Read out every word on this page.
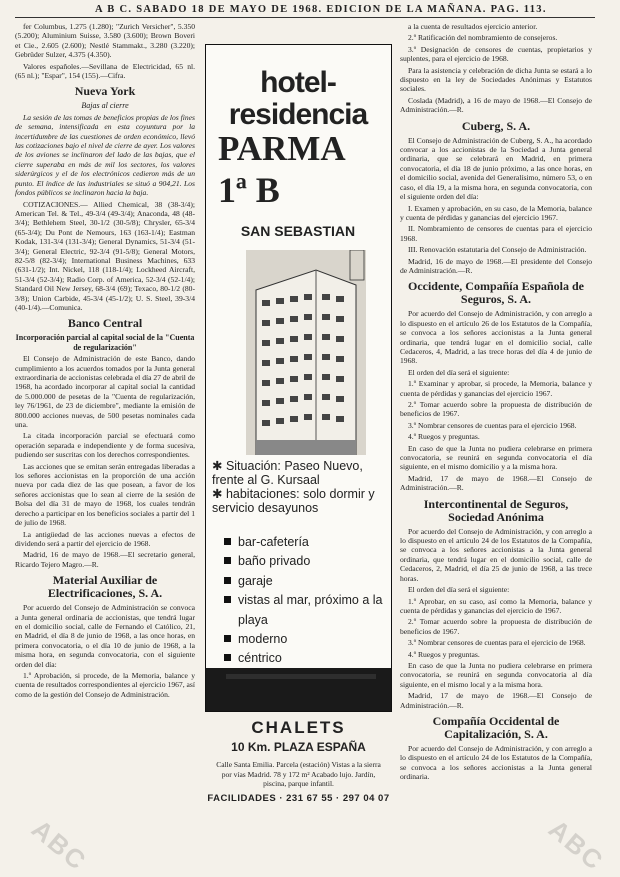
A B C. SABADO 18 DE MAYO DE 1968. EDICION DE LA MAÑANA. PAG. 113.

fer Columbus, 1.275 (1.280); "Zurich Versicher", 5.350 (5.200); Aluminium Suisse, 3.580 (3.600); Brown Boveri et Cie., 2.605 (2.600); Nestlé Stammakt., 3.280 (3.220); Gebrüder Sulzer, 4.375 (4.350).

Valores españoles.—Sevillana de Electricidad, 65 nl. (65 nl.); "Espar", 154 (155).—Cifra.

Nueva York
Bajas al cierre

La sesión de las tomas de beneficios propias de los fines de semana, intensificada en esta coyuntura por la incertidumbre de las cuestiones de orden económico, llevó las cotizaciones bajo el nivel de cierre de ayer. Los valores de los aviones se inclinaron del lado de las bajas, que el cierre superaba en más de mil los sectores, los valores siderúrgicos y el de los electrónicos cedieron más de un punto. El índice de las industriales se situó a 904,21. Los fondos públicos se inclinaron hacia la baja.

COTIZACIONES.— Allied Chemical, 38 (38-3/4); American Tel. & Tel., 49-3/4 (49-3/4); Anaconda, 48 (48-3/4); Bethlehem Steel, 30-1/2 (30-5/8); Chrysler, 65-3/4 (65-3/4); Du Pont de Nemours, 163 (163-1/4); Eastman Kodak, 131-3/4 (131-3/4); General Dynamics, 51-3/4 (51-3/4); General Electric, 92-3/4 (91-5/8); General Motors, 82-5/8 (82-3/4); International Business Machines, 633 (631-1/2); Int. Nickel, 118 (118-1/4); Lockheed Aircraft, 51-3/4 (52-3/4); Radio Corp. of America, 52-3/4 (52-1/4); Standard Oil New Jersey, 68-3/4 (69); Texaco, 80-1/2 (80-3/8); Union Carbide, 45-3/4 (45-1/2); U. S. Steel, 39-3/4 (40-1/4).—Comunica.

Banco Central
Incorporación parcial al capital social de la "Cuenta de regularización"

El Consejo de Administración de este Banco, dando cumplimiento a los acuerdos tomados por la Junta general extraordinaria de accionistas celebrada el día 27 de abril de 1968, ha acordado incorporar al capital social la cantidad de 5.000.000 de pesetas de la "Cuenta de regularización, ley 76/1961, de 23 de diciembre", mediante la emisión de 800.000 acciones nuevas, de 500 pesetas nominales cada una.

La citada incorporación parcial se efectuará como operación separada e independiente y de forma sucesiva, pudiendo ser suscritas con los derechos correspondientes.

Las acciones que se emitan serán entregadas liberadas a los señores accionistas en la proporción de una acción nueva por cada diez de las que posean, a favor de los señores accionistas que lo sean al cierre de la sesión de Bolsa del día 31 de mayo de 1968, los cuales tendrán derecho a participar en los beneficios sociales a partir del 1 de julio de 1968.

La antigüedad de las acciones nuevas a efectos de dividendo será a partir del ejercicio de 1968.

Madrid, 16 de mayo de 1968.—El secretario general, Ricardo Tejero Magro.—R.

Material Auxiliar de Electrificaciones, S. A.

Por acuerdo del Consejo de Administración se convoca a Junta general ordinaria de accionistas, que tendrá lugar en el domicilio social, calle de Fernando el Católico, 21, en Madrid, el día 8 de junio de 1968, a las once horas, en primera convocatoria, o el día 10 de junio de 1968, a la misma hora, en segunda convocatoria, con el siguiente orden del día:

1.º Aprobación, si procede, de la Memoria, balance y cuenta de resultados correspondientes al ejercicio 1967, así como de la gestión del Consejo de Administración.

hotel-
residencia
PARMA
1ª B
SAN SEBASTIAN
✱ Situación: Paseo Nuevo, frente al G. Kursaal
✱ habitaciones: solo dormir y servicio desayunos
bar-cafetería
baño privado
garaje
vistas al mar, próximo a la playa
moderno
céntrico
CHALETS
10 Km. PLAZA ESPAÑA
Calle Santa Emilia. Parcela (estación) Vistas a la sierra por vías Madrid. 78 y 172 m² Acabado lujo. Jardín, piscina, parque infantil.
FACILIDADES · 231 67 55 · 297 04 07

a la cuenta de resultados ejercicio anterior.

2.º Ratificación del nombramiento de consejeros.

3.º Designación de censores de cuentas, propietarios y suplentes, para el ejercicio de 1968.

Para la asistencia y celebración de dicha Junta se estará a lo dispuesto en la ley de Sociedades Anónimas y Estatutos sociales.

Coslada (Madrid), a 16 de mayo de 1968.—El Consejo de Administración.—R.

Cuberg, S. A.

El Consejo de Administración de Cuberg, S. A., ha acordado convocar a los accionistas de la Sociedad a Junta general ordinaria, que se celebrará en Madrid, en primera convocatoria, el día 18 de junio próximo, a las once horas, en el domicilio social, avenida del Generalísimo, número 53, o en caso, el día 19, a la misma hora, en segunda convocatoria, con el siguiente orden del día:

I. Examen y aprobación, en su caso, de la Memoria, balance y cuenta de pérdidas y ganancias del ejercicio 1967.

II. Nombramiento de censores de cuentas para el ejercicio 1968.

III. Renovación estatutaria del Consejo de Administración.

Madrid, 16 de mayo de 1968.—El presidente del Consejo de Administración.—R.

Occidente, Compañía Española de Seguros, S. A.

Por acuerdo del Consejo de Administración, y con arreglo a lo dispuesto en el artículo 26 de los Estatutos de la Compañía, se convoca a los señores accionistas a la Junta general ordinaria, que tendrá lugar en el domicilio social, calle Cedaceros, 4, Madrid, a las trece horas del día 4 de junio de 1968.

El orden del día será el siguiente:

1.º Examinar y aprobar, si procede, la Memoria, balance y cuenta de pérdidas y ganancias del ejercicio 1967.

2.º Tomar acuerdo sobre la propuesta de distribución de beneficios de 1967.

3.º Nombrar censores de cuentas para el ejercicio 1968.

4.º Ruegos y preguntas.

En caso de que la Junta no pudiera celebrarse en primera convocatoria, se reunirá en segunda convocatoria el día siguiente, en el mismo domicilio y a la misma hora.

Madrid, 17 de mayo de 1968.—El Consejo de Administración.—R.

Intercontinental de Seguros, Sociedad Anónima

Por acuerdo del Consejo de Administración, y con arreglo a lo dispuesto en el artículo 24 de los Estatutos de la Compañía, se convoca a los señores accionistas a la Junta general ordinaria, que tendrá lugar en el domicilio social, calle de Cedaceros, 2, Madrid, el día 25 de junio de 1968, a las trece horas.

El orden del día será el siguiente:

1.º Aprobar, en su caso, así como la Memoria, balance y cuenta de pérdidas y ganancias del ejercicio de 1967.

2.º Tomar acuerdo sobre la propuesta de distribución de beneficios de 1967.

3.º Nombrar censores de cuentas para el ejercicio de 1968.

4.º Ruegos y preguntas.

En caso de que la Junta no pudiera celebrarse en primera convocatoria, se reunirá en segunda convocatoria al día siguiente, en el mismo local y a la misma hora.

Madrid, 17 de mayo de 1968.—El Consejo de Administración.—R.

Compañía Occidental de Capitalización, S. A.

Por acuerdo del Consejo de Administración, y con arreglo a lo dispuesto en el artículo 24 de los Estatutos de la Compañía, se convoca a los señores accionistas a la Junta general ordinaria.

ABC	ABC
